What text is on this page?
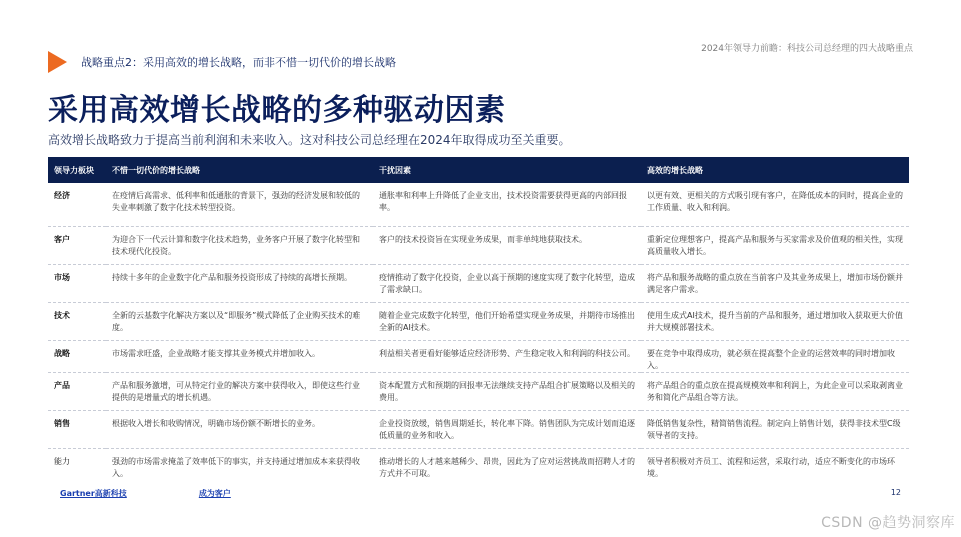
2024年领导力前瞻：科技公司总经理的四大战略重点
战略重点2：采用高效的增长战略，而非不惜一切代价的增长战略
采用高效增长战略的多种驱动因素
高效增长战略致力于提高当前利润和未来收入。这对科技公司总经理在2024年取得成功至关重要。
领导力板块	不惜一切代价的增长战略	干扰因素	高效的增长战略
经济	在疫情后高需求、低利率和低通胀的背景下，强劲的经济发展和较低的失业率刺激了数字化技术转型投资。	通胀率和利率上升降低了企业支出，技术投资需要获得更高的内部回报率。	以更有效、更相关的方式吸引现有客户，在降低成本的同时，提高企业的工作质量、收入和利润。
客户	为迎合下一代云计算和数字化技术趋势，业务客户开展了数字化转型和技术现代化投资。	客户的技术投资旨在实现业务成果，而非单纯地获取技术。	重新定位理想客户，提高产品和服务与买家需求及价值观的相关性，实现高质量收入增长。
市场	持续十多年的企业数字化产品和服务投资形成了持续的高增长预期。	疫情推动了数字化投资，企业以高于预期的速度实现了数字化转型，造成了需求缺口。	将产品和服务战略的重点放在当前客户及其业务成果上，增加市场份额并满足客户需求。
技术	全新的云基数字化解决方案以及“即服务”模式降低了企业购买技术的难度。	随着企业完成数字化转型，他们开始希望实现业务成果，并期待市场推出全新的AI技术。	使用生成式AI技术，提升当前的产品和服务，通过增加收入获取更大价值并大规模部署技术。
战略	市场需求旺盛，企业战略才能支撑其业务模式并增加收入。	利益相关者更看好能够适应经济形势、产生稳定收入和利润的科技公司。	要在竞争中取得成功，就必须在提高整个企业的运营效率的同时增加收入。
产品	产品和服务激增，可从特定行业的解决方案中获得收入，即使这些行业提供的是增量式的增长机遇。	资本配置方式和预期的回报率无法继续支持产品组合扩展策略以及相关的费用。	将产品组合的重点放在提高规模效率和利润上，为此企业可以采取剥离业务和简化产品组合等方法。
销售	根据收入增长和收购情况，明确市场份额不断增长的业务。	企业投资放缓，销售周期延长，转化率下降。销售团队为完成计划而追逐低质量的业务和收入。	降低销售复杂性，精简销售流程。制定向上销售计划，获得非技术型C级领导者的支持。
能力	强劲的市场需求掩盖了效率低下的事实，并支持通过增加成本来获得收入。	推动增长的人才越来越稀少、昂贵，因此为了应对运营挑战而招聘人才的方式并不可取。	领导者积极对齐员工、流程和运营，采取行动，适应不断变化的市场环境。
Gartner高新科技	成为客户	12
CSDN @趋势洞察库
